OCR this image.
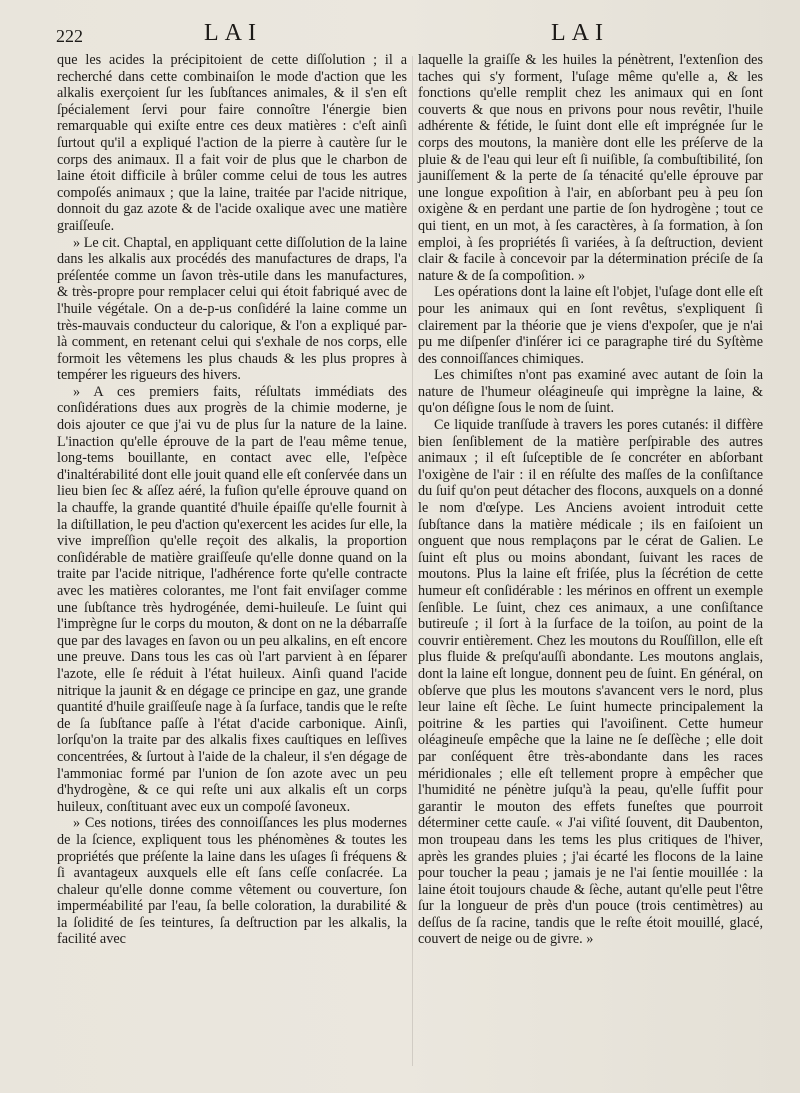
222	LAI	LAI

que les acides la précipitoient de cette diſſolution ; il a recherché dans cette combinaiſon le mode d'action que les alkalis exerçoient ſur les ſubſtances animales, & il s'en eſt ſpécialement ſervi pour faire connoître l'énergie bien remarquable qui exiſte entre ces deux matières : c'eſt ainſi ſurtout qu'il a expliqué l'action de la pierre à cautère ſur le corps des animaux. Il a fait voir de plus que le charbon de laine étoit difficile à brûler comme celui de tous les autres compoſés animaux ; que la laine, traitée par l'acide nitrique, donnoit du gaz azote & de l'acide oxalique avec une matière graiſſeuſe.

» Le cit. Chaptal, en appliquant cette diſſolution de la laine dans les alkalis aux procédés des manufactures de draps, l'a préſentée comme un ſavon très-utile dans les manufactures, & très-propre pour remplacer celui qui étoit fabriqué avec de l'huile végétale. On a de-p-us conſidéré la laine comme un très-mauvais conducteur du calorique, & l'on a expliqué par-là comment, en retenant celui qui s'exhale de nos corps, elle formoit les vêtemens les plus chauds & les plus propres à tempérer les rigueurs des hivers.

» A ces premiers faits, réſultats immédiats des conſidérations dues aux progrès de la chimie moderne, je dois ajouter ce que j'ai vu de plus ſur la nature de la laine. L'inaction qu'elle éprouve de la part de l'eau même tenue, long-tems bouillante, en contact avec elle, l'eſpèce d'inaltérabilité dont elle jouit quand elle eſt conſervée dans un lieu bien ſec & aſſez aéré, la fuſion qu'elle éprouve quand on la chauffe, la grande quantité d'huile épaiſſe qu'elle fournit à la diſtillation, le peu d'action qu'exercent les acides ſur elle, la vive impreſſion qu'elle reçoit des alkalis, la proportion conſidérable de matière graiſſeuſe qu'elle donne quand on la traite par l'acide nitrique, l'adhérence forte qu'elle contracte avec les matières colorantes, me l'ont fait enviſager comme une ſubſtance très hydrogénée, demi-huileuſe. Le ſuint qui l'imprègne ſur le corps du mouton, & dont on ne la débarraſſe que par des lavages en ſavon ou un peu alkalins, en eſt encore une preuve. Dans tous les cas où l'art parvient à en ſéparer l'azote, elle ſe réduit à l'état huileux. Ainſi quand l'acide nitrique la jaunit & en dégage ce principe en gaz, une grande quantité d'huile graiſſeuſe nage à ſa ſurface, tandis que le reſte de ſa ſubſtance paſſe à l'état d'acide carbonique. Ainſi, lorſqu'on la traite par des alkalis fixes cauſtiques en leſſives concentrées, & ſurtout à l'aide de la chaleur, il s'en dégage de l'ammoniac formé par l'union de ſon azote avec un peu d'hydrogène, & ce qui reſte uni aux alkalis eſt un corps huileux, conſtituant avec eux un compoſé ſavoneux.

» Ces notions, tirées des connoiſſances les plus modernes de la ſcience, expliquent tous les phénomènes & toutes les propriétés que préſente la laine dans les uſages ſi fréquens & ſi avantageux auxquels elle eſt ſans ceſſe conſacrée. La chaleur qu'elle donne comme vêtement ou couverture, ſon imperméabilité par l'eau, ſa belle coloration, la durabilité & la ſolidité de ſes teintures, ſa deſtruction par les alkalis, la facilité avec

laquelle la graiſſe & les huiles la pénètrent, l'extenſion des taches qui s'y forment, l'uſage même qu'elle a, & les fonctions qu'elle remplit chez les animaux qui en ſont couverts & que nous en privons pour nous revêtir, l'huile adhérente & fétide, le ſuint dont elle eſt imprégnée ſur le corps des moutons, la manière dont elle les préſerve de la pluie & de l'eau qui leur eſt ſi nuiſible, ſa combuſtibilité, ſon jauniſſement & la perte de ſa ténacité qu'elle éprouve par une longue expoſition à l'air, en abſorbant peu à peu ſon oxigène & en perdant une partie de ſon hydrogène ; tout ce qui tient, en un mot, à ſes caractères, à ſa formation, à ſon emploi, à ſes propriétés ſi variées, à ſa deſtruction, devient clair & facile à concevoir par la détermination préciſe de ſa nature & de ſa compoſition. »

Les opérations dont la laine eſt l'objet, l'uſage dont elle eſt pour les animaux qui en ſont revêtus, s'expliquent ſi clairement par la théorie que je viens d'expoſer, que je n'ai pu me diſpenſer d'inſérer ici ce paragraphe tiré du Syſtème des connoiſſances chimiques.

Les chimiſtes n'ont pas examiné avec autant de ſoin la nature de l'humeur oléagineuſe qui imprègne la laine, & qu'on déſigne ſous le nom de ſuint.

Ce liquide tranſſude à travers les pores cutanés: il diffère bien ſenſiblement de la matière perſpirable des autres animaux ; il eſt ſuſceptible de ſe concréter en abſorbant l'oxigène de l'air : il en réſulte des maſſes de la conſiſtance du ſuif qu'on peut détacher des flocons, auxquels on a donné le nom d'œſype. Les Anciens avoient introduit cette ſubſtance dans la matière médicale ; ils en faiſoient un onguent que nous remplaçons par le cérat de Galien. Le ſuint eſt plus ou moins abondant, ſuivant les races de moutons. Plus la laine eſt friſée, plus la ſécrétion de cette humeur eſt conſidérable : les mérinos en offrent un exemple ſenſible. Le ſuint, chez ces animaux, a une conſiſtance butireuſe ; il ſort à la ſurface de la toiſon, au point de la couvrir entièrement. Chez les moutons du Rouſſillon, elle eſt plus fluide & preſqu'auſſi abondante. Les moutons anglais, dont la laine eſt longue, donnent peu de ſuint. En général, on obſerve que plus les moutons s'avancent vers le nord, plus leur laine eſt ſèche. Le ſuint humecte principalement la poitrine & les parties qui l'avoiſinent. Cette humeur oléagineuſe empêche que la laine ne ſe deſſèche ; elle doit par conſéquent être très-abondante dans les races méridionales ; elle eſt tellement propre à empêcher que l'humidité ne pénètre juſqu'à la peau, qu'elle ſuffit pour garantir le mouton des effets funeſtes que pourroit déterminer cette cauſe. « J'ai viſité ſouvent, dit Daubenton, mon troupeau dans les tems les plus critiques de l'hiver, après les grandes pluies ; j'ai écarté les flocons de la laine pour toucher la peau ; jamais je ne l'ai ſentie mouillée : la laine étoit toujours chaude & ſèche, autant qu'elle peut l'être ſur la longueur de près d'un pouce (trois centimètres) au deſſus de ſa racine, tandis que le reſte étoit mouillé, glacé, couvert de neige ou de givre. »
